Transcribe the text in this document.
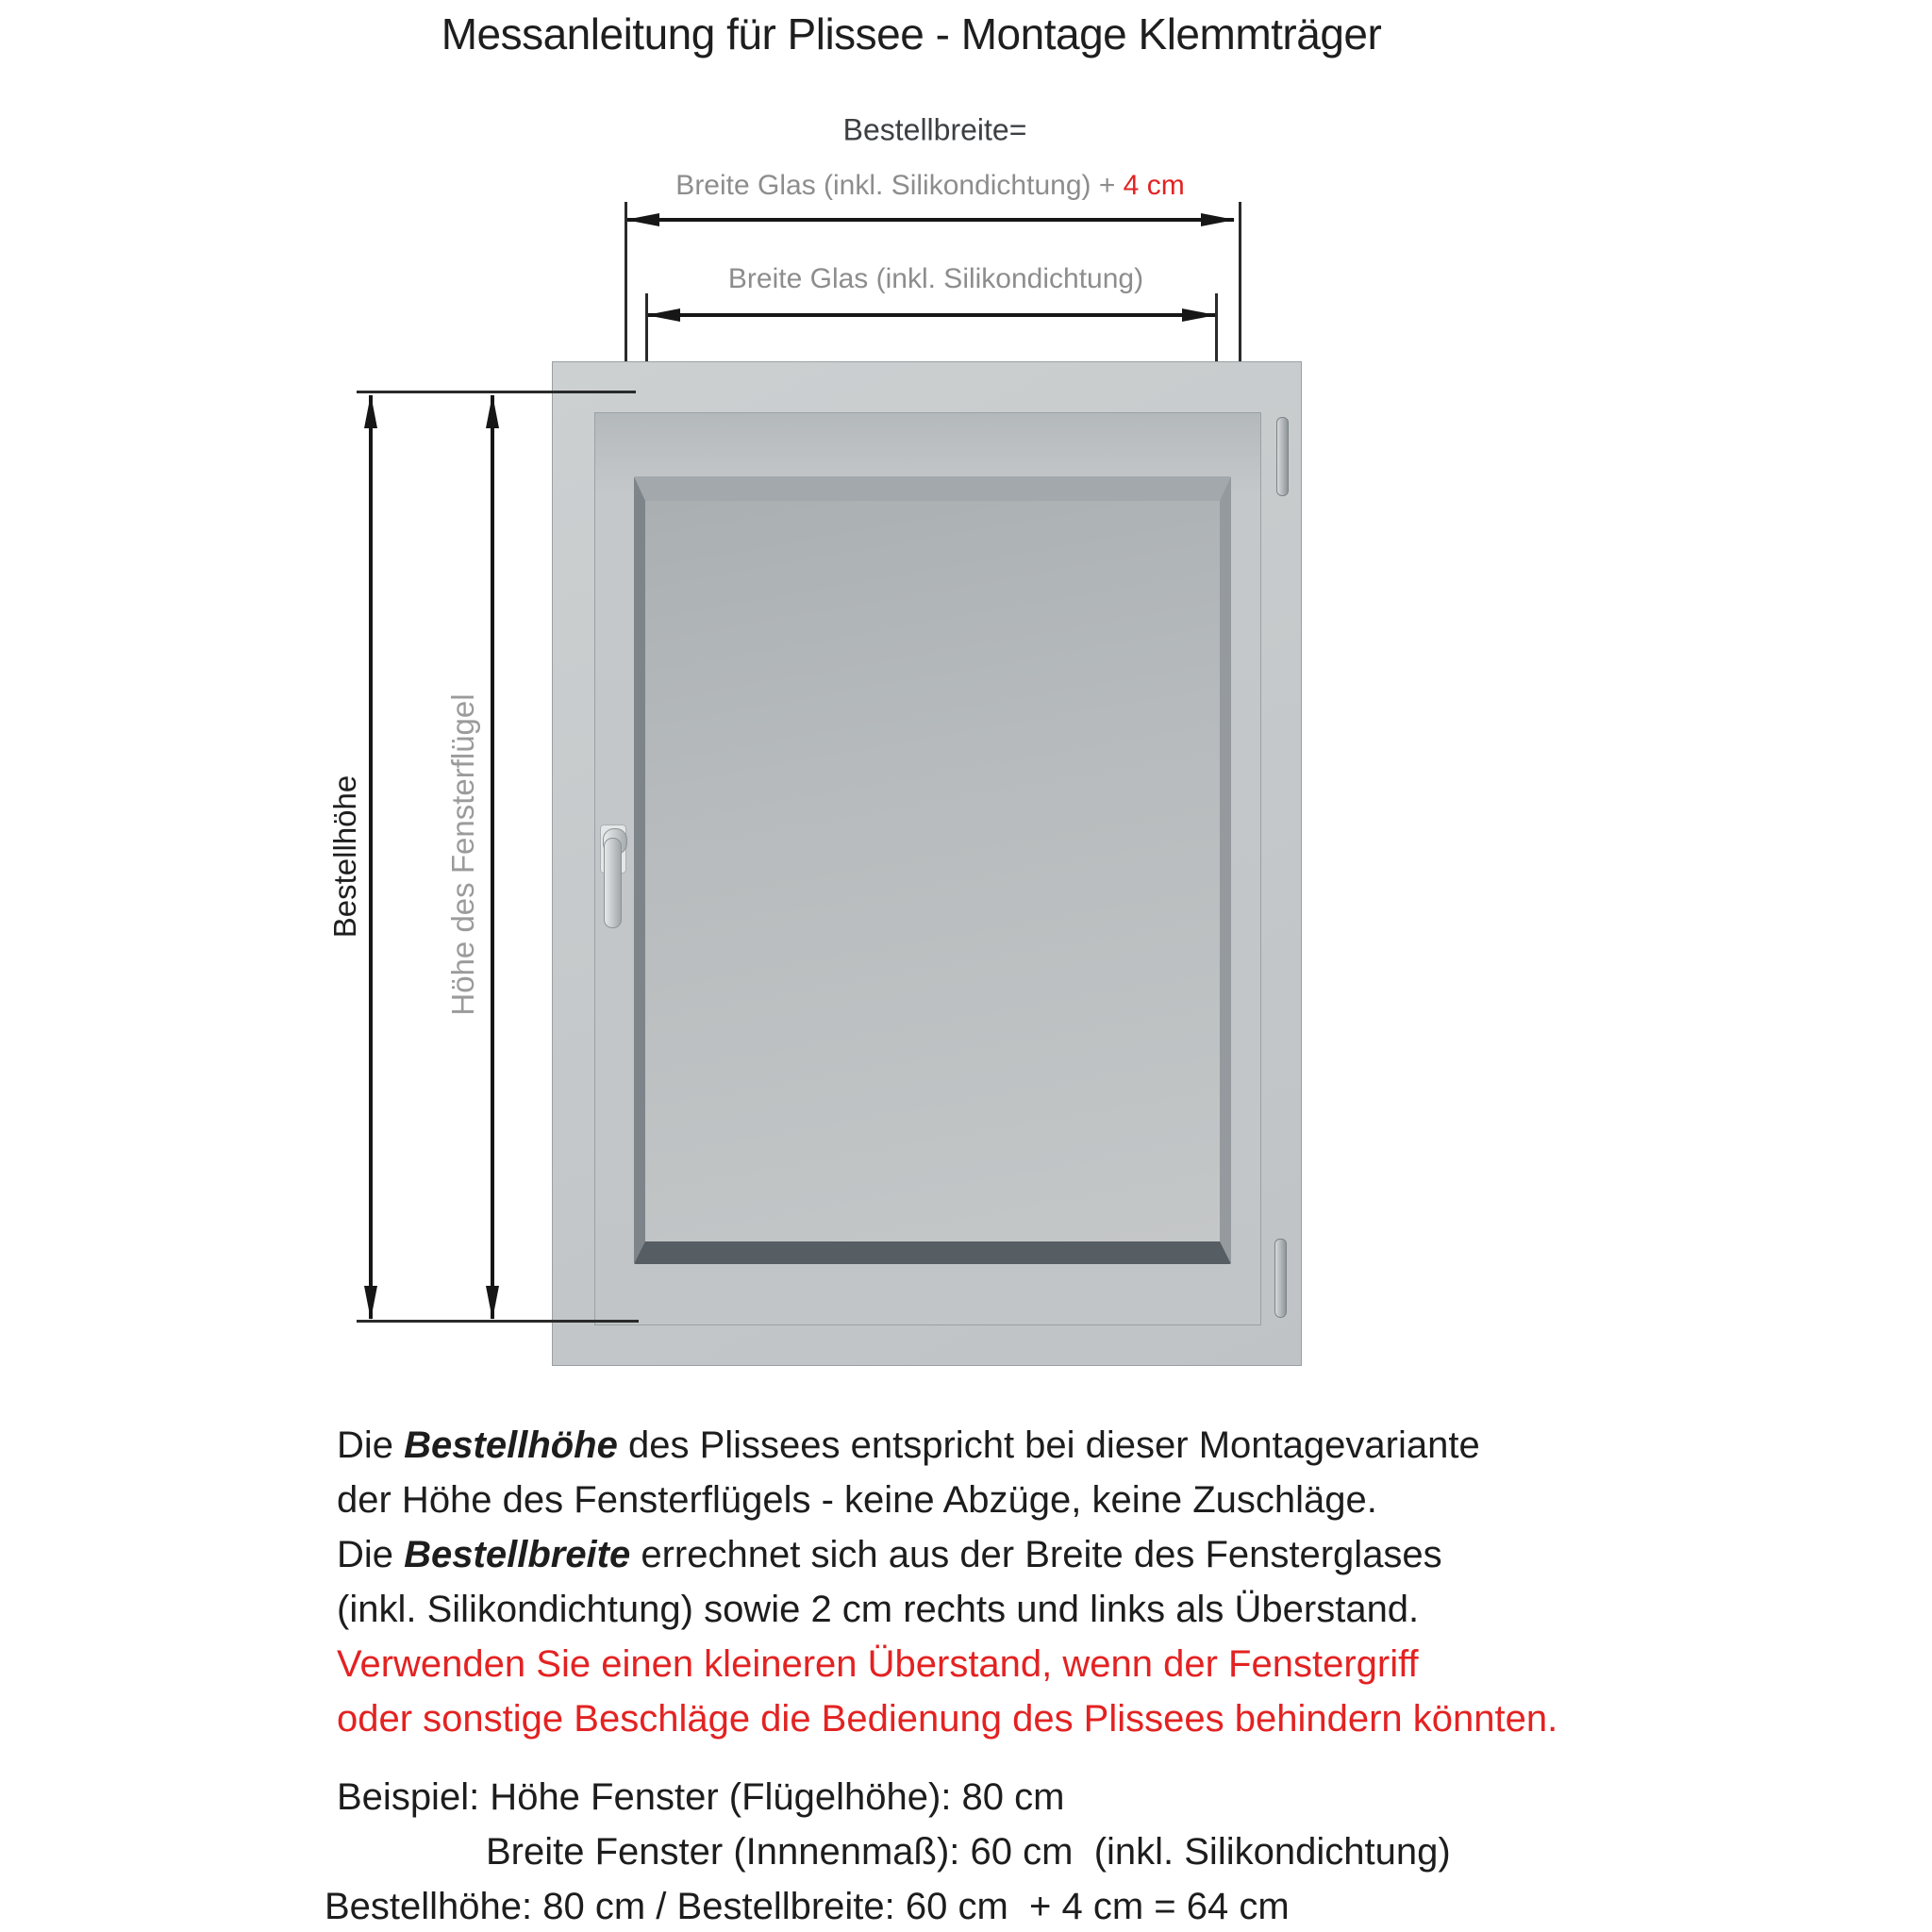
Messanleitung für Plissee - Montage Klemmträger
Bestellbreite=
Breite Glas (inkl. Silikondichtung) + 4 cm
Breite Glas (inkl. Silikondichtung)
Bestellhöhe	Höhe des Fensterflügel
Die Bestellhöhe des Plissees entspricht bei dieser Montagevariante
der Höhe des Fensterflügels - keine Abzüge, keine Zuschläge.
Die Bestellbreite errechnet sich aus der Breite des Fensterglases
(inkl. Silikondichtung) sowie 2 cm rechts und links als Überstand.
Verwenden Sie einen kleineren Überstand, wenn der Fenstergriff
oder sonstige Beschläge die Bedienung des Plissees behindern könnten.
Beispiel: Höhe Fenster (Flügelhöhe): 80 cm
Breite Fenster (Innnenmaß): 60 cm  (inkl. Silikondichtung)
Bestellhöhe: 80 cm / Bestellbreite: 60 cm  + 4 cm = 64 cm
